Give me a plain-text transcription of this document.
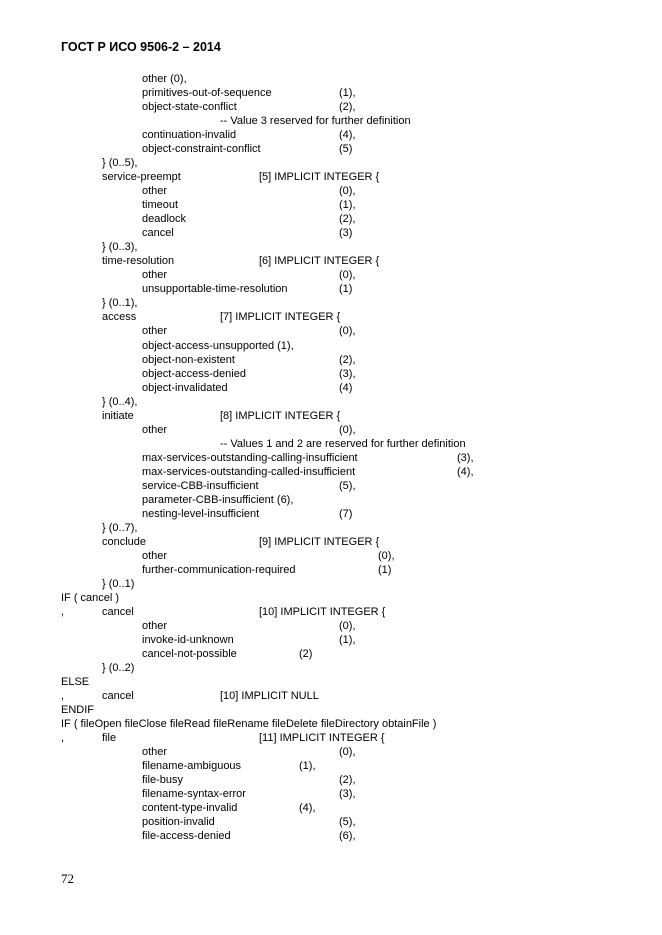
ГОСТ Р ИСО 9506-2 – 2014
other (0),
primitives-out-of-sequence	(1),
object-state-conflict	(2),
-- Value 3 reserved for further definition
continuation-invalid	(4),
object-constraint-conflict	(5)
} (0..5),
service-preempt	[5] IMPLICIT INTEGER {
other	(0),
timeout	(1),
deadlock	(2),
cancel	(3)
} (0..3),
time-resolution	[6] IMPLICIT INTEGER {
other	(0),
unsupportable-time-resolution	(1)
} (0..1),
access	[7] IMPLICIT INTEGER {
other	(0),
object-access-unsupported (1),
object-non-existent	(2),
object-access-denied	(3),
object-invalidated	(4)
} (0..4),
initiate	[8] IMPLICIT INTEGER {
other	(0),
-- Values 1 and 2 are reserved for further definition
max-services-outstanding-calling-insufficient	(3),
max-services-outstanding-called-insufficient	(4),
service-CBB-insufficient	(5),
parameter-CBB-insufficient (6),
nesting-level-insufficient	(7)
} (0..7),
conclude	[9] IMPLICIT INTEGER {
other	(0),
further-communication-required	(1)
} (0..1)
IF ( cancel )
,	cancel	[10] IMPLICIT INTEGER {
other	(0),
invoke-id-unknown	(1),
cancel-not-possible	(2)
} (0..2)
ELSE
,	cancel	[10] IMPLICIT NULL
ENDIF
IF ( fileOpen fileClose fileRead fileRename fileDelete fileDirectory obtainFile )
,	file	[11] IMPLICIT INTEGER {
other	(0),
filename-ambiguous	(1),
file-busy	(2),
filename-syntax-error	(3),
content-type-invalid	(4),
position-invalid	(5),
file-access-denied	(6),
72
